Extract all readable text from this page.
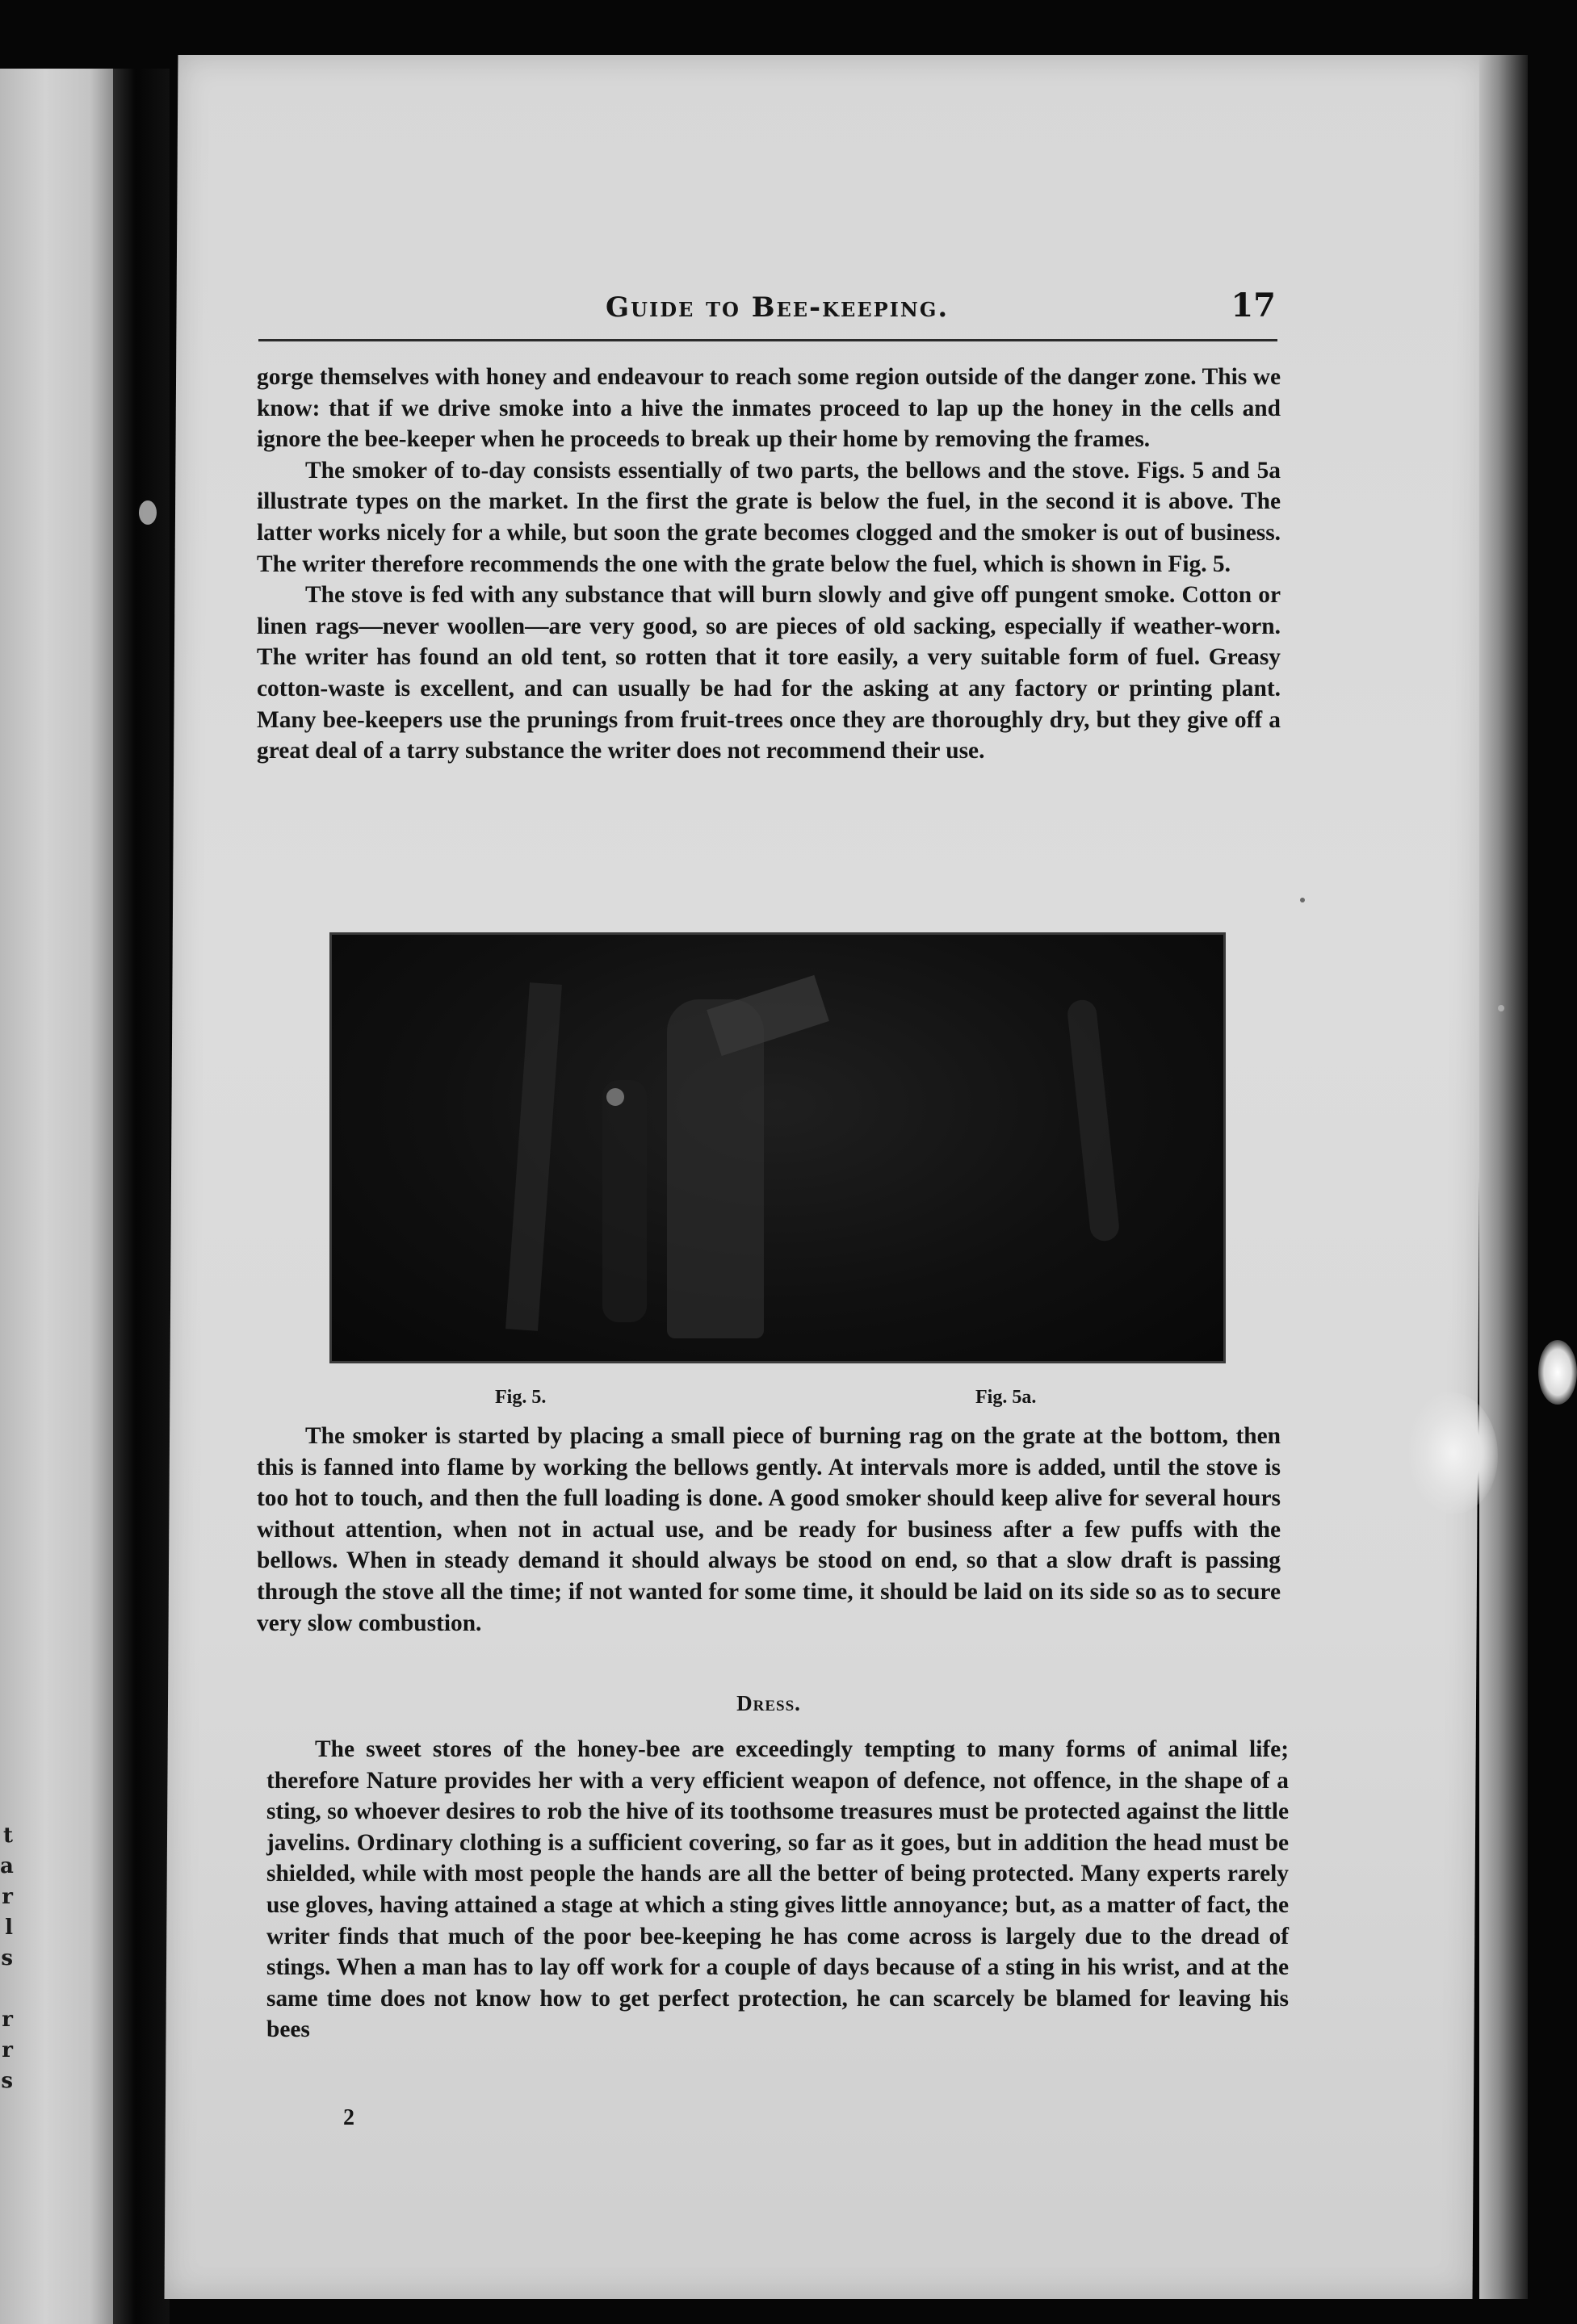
t
a
r
l
s

r
r
s
Guide to Bee-keeping.	17

gorge themselves with honey and endeavour to reach some region outside of the danger zone. This we know: that if we drive smoke into a hive the inmates proceed to lap up the honey in the cells and ignore the bee-keeper when he proceeds to break up their home by removing the frames.

The smoker of to-day consists essentially of two parts, the bellows and the stove. Figs. 5 and 5a illustrate types on the market. In the first the grate is below the fuel, in the second it is above. The latter works nicely for a while, but soon the grate becomes clogged and the smoker is out of business. The writer therefore recommends the one with the grate below the fuel, which is shown in Fig. 5.

The stove is fed with any substance that will burn slowly and give off pungent smoke. Cotton or linen rags—never woollen—are very good, so are pieces of old sacking, especially if weather-worn. The writer has found an old tent, so rotten that it tore easily, a very suitable form of fuel. Greasy cotton-waste is excellent, and can usually be had for the asking at any factory or printing plant. Many bee-keepers use the prunings from fruit-trees once they are thoroughly dry, but they give off a great deal of a tarry substance the writer does not recommend their use.

Fig. 5.	Fig. 5a.

The smoker is started by placing a small piece of burning rag on the grate at the bottom, then this is fanned into flame by working the bellows gently. At intervals more is added, until the stove is too hot to touch, and then the full loading is done. A good smoker should keep alive for several hours without attention, when not in actual use, and be ready for business after a few puffs with the bellows. When in steady demand it should always be stood on end, so that a slow draft is passing through the stove all the time; if not wanted for some time, it should be laid on its side so as to secure very slow combustion.

Dress.

The sweet stores of the honey-bee are exceedingly tempting to many forms of animal life; therefore Nature provides her with a very efficient weapon of defence, not offence, in the shape of a sting, so whoever desires to rob the hive of its toothsome treasures must be protected against the little javelins. Ordinary clothing is a sufficient covering, so far as it goes, but in addition the head must be shielded, while with most people the hands are all the better of being protected. Many experts rarely use gloves, having attained a stage at which a sting gives little annoyance; but, as a matter of fact, the writer finds that much of the poor bee-keeping he has come across is largely due to the dread of stings. When a man has to lay off work for a couple of days because of a sting in his wrist, and at the same time does not know how to get perfect protection, he can scarcely be blamed for leaving his bees

2
